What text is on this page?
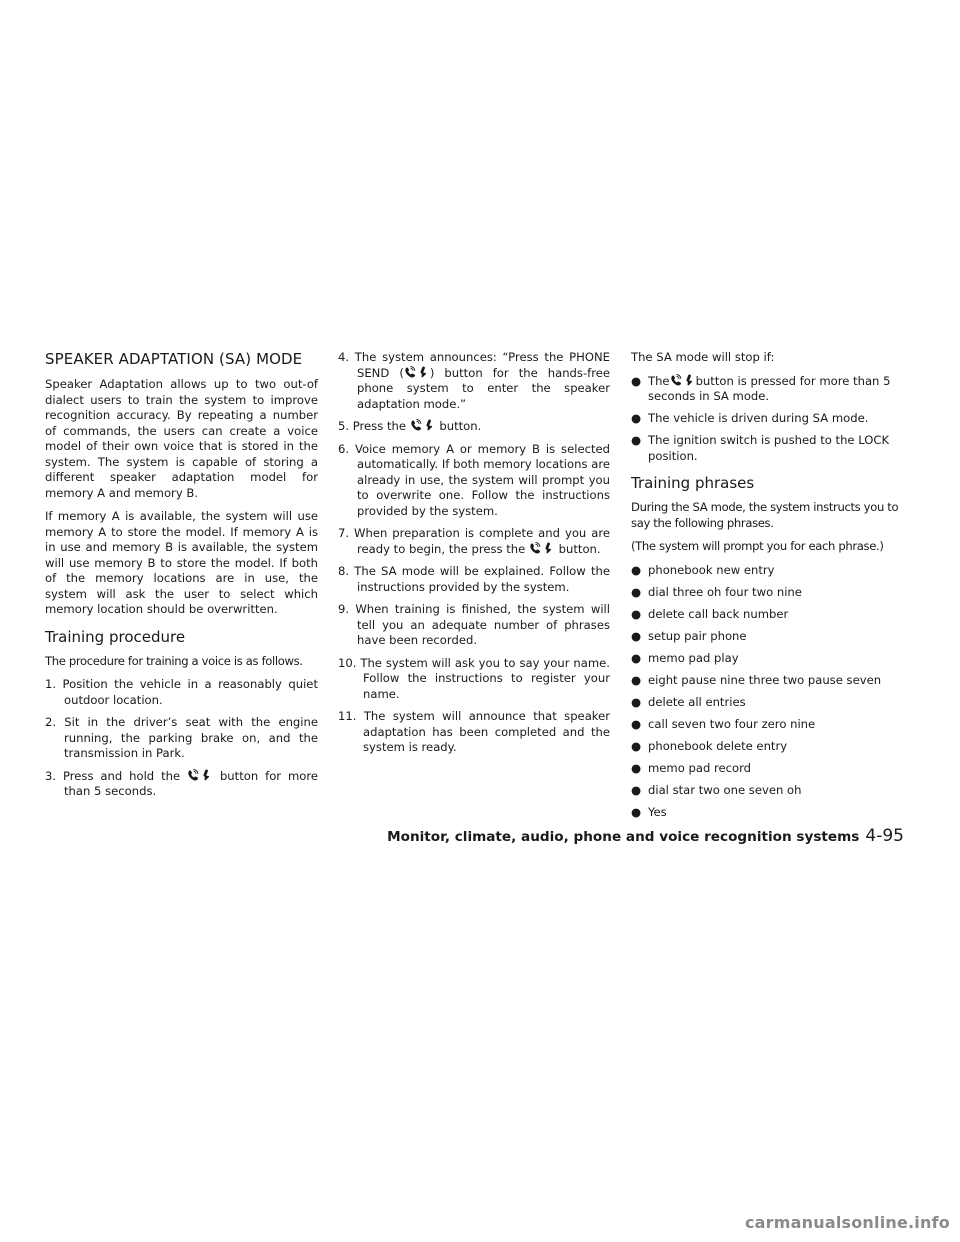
SPEAKER ADAPTATION (SA) MODE

Speaker Adaptation allows up to two out-of dialect users to train the system to improve recognition accuracy. By repeating a number of commands, the users can create a voice model of their own voice that is stored in the system. The system is capable of storing a different speaker adaptation model for memory A and memory B.

If memory A is available, the system will use memory A to store the model. If memory A is in use and memory B is available, the system will use memory B to store the model. If both of the memory locations are in use, the system will ask the user to select which memory location should be overwritten.

Training procedure

The procedure for training a voice is as follows.

1. Position the vehicle in a reasonably quiet outdoor location.
2. Sit in the driver’s seat with the engine running, the parking brake on, and the transmission in Park.
3. Press and hold the	button for more than 5 seconds.
4. The system announces: “Press the PHONE SEND ( ) button for the hands-free phone system to enter the speaker adaptation mode.”
5. Press the	button.
6. Voice memory A or memory B is selected automatically. If both memory locations are already in use, the system will prompt you to overwrite one. Follow the instructions provided by the system.
7. When preparation is complete and you are ready to begin, the press the	button.
8. The SA mode will be explained. Follow the instructions provided by the system.
9. When training is finished, the system will tell you an adequate number of phrases have been recorded.
10. The system will ask you to say your name. Follow the instructions to register your name.
11. The system will announce that speaker adaptation has been completed and the system is ready.

The SA mode will stop if:

● The button is pressed for more than 5 seconds in SA mode.
● The vehicle is driven during SA mode.
● The ignition switch is pushed to the LOCK position.
Training phrases

During the SA mode, the system instructs you to say the following phrases.

(The system will prompt you for each phrase.)

● phonebook new entry
● dial three oh four two nine
● delete call back number
● setup pair phone
● memo pad play
● eight pause nine three two pause seven
● delete all entries
● call seven two four zero nine
● phonebook delete entry
● memo pad record
● dial star two one seven oh
● Yes
Monitor, climate, audio, phone and voice recognition systems 4-95
carmanualsonline.info
